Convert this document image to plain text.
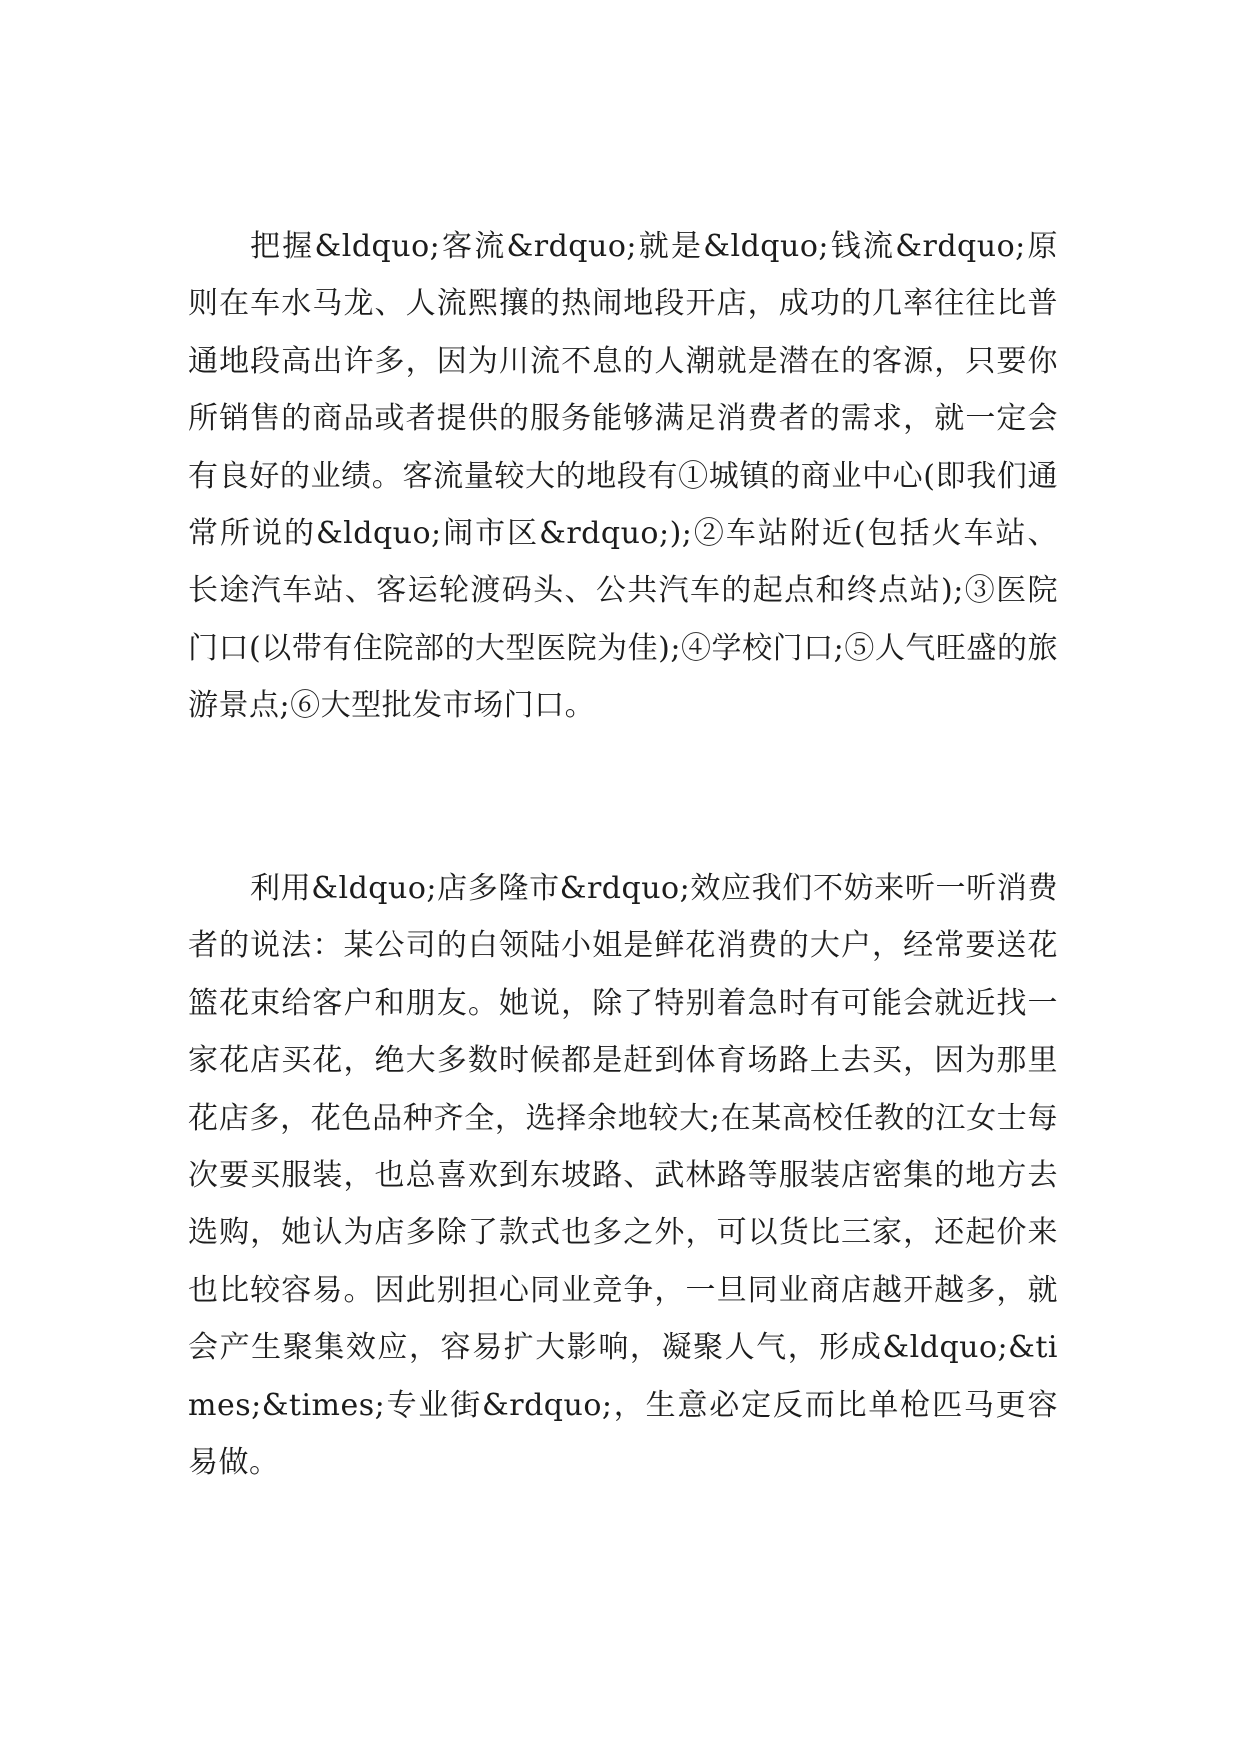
把握&ldquo;客流&rdquo;就是&ldquo;钱流&rdquo;原则在车水马龙、人流熙攘的热闹地段开店，成功的几率往往比普通地段高出许多，因为川流不息的人潮就是潜在的客源，只要你所销售的商品或者提供的服务能够满足消费者的需求，就一定会有良好的业绩。客流量较大的地段有①城镇的商业中心(即我们通常所说的&ldquo;闹市区&rdquo;);②车站附近(包括火车站、长途汽车站、客运轮渡码头、公共汽车的起点和终点站);③医院门口(以带有住院部的大型医院为佳);④学校门口;⑤人气旺盛的旅游景点;⑥大型批发市场门口。

利用&ldquo;店多隆市&rdquo;效应我们不妨来听一听消费者的说法：某公司的白领陆小姐是鲜花消费的大户，经常要送花篮花束给客户和朋友。她说，除了特别着急时有可能会就近找一家花店买花，绝大多数时候都是赶到体育场路上去买，因为那里花店多，花色品种齐全，选择余地较大;在某高校任教的江女士每次要买服装，也总喜欢到东坡路、武林路等服装店密集的地方去选购，她认为店多除了款式也多之外，可以货比三家，还起价来也比较容易。因此别担心同业竞争，一旦同业商店越开越多，就会产生聚集效应，容易扩大影响，凝聚人气，形成&ldquo;&times;&times;专业街&rdquo;，生意必定反而比单枪匹马更容易做。
